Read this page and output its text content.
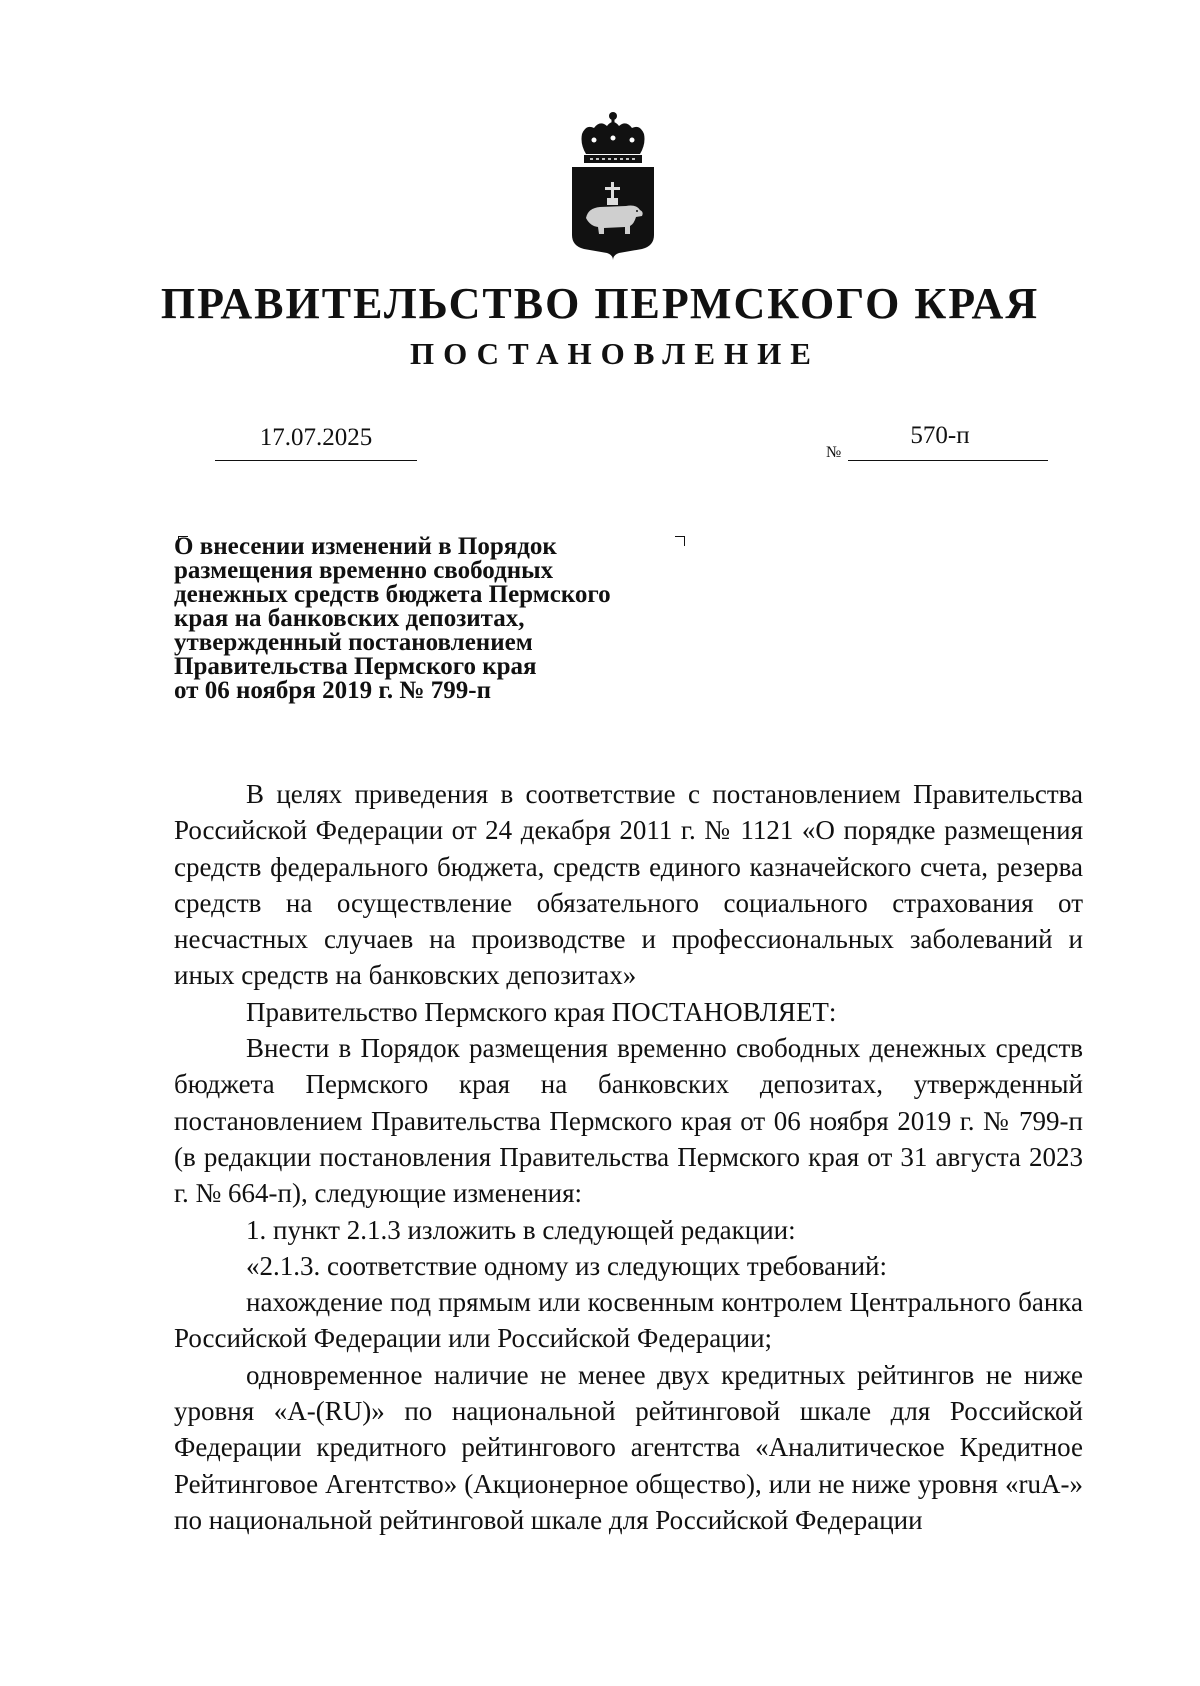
ПРАВИТЕЛЬСТВО ПЕРМСКОГО КРАЯ
ПОСТАНОВЛЕНИЕ
17.07.2025
№
570-п
О внесении изменений в Порядок
размещения временно свободных
денежных средств бюджета Пермского
края на банковских депозитах,
утвержденный постановлением
Правительства Пермского края
от 06 ноября 2019 г. № 799-п

В целях приведения в соответствие с постановлением Правительства Российской Федерации от 24 декабря 2011 г. № 1121 «О порядке размещения средств федерального бюджета, средств единого казначейского счета, резерва средств на осуществление обязательного социального страхования от несчастных случаев на производстве и профессиональных заболеваний и иных средств на банковских депозитах»

Правительство Пермского края ПОСТАНОВЛЯЕТ:

Внести в Порядок размещения временно свободных денежных средств бюджета Пермского края на банковских депозитах, утвержденный постановлением Правительства Пермского края от 06 ноября 2019 г. № 799-п (в редакции постановления Правительства Пермского края от 31 августа 2023 г. № 664-п), следующие изменения:

1. пункт 2.1.3 изложить в следующей редакции:

«2.1.3. соответствие одному из следующих требований:

нахождение под прямым или косвенным контролем Центрального банка Российской Федерации или Российской Федерации;

одновременное наличие не менее двух кредитных рейтингов не ниже уровня «A-(RU)» по национальной рейтинговой шкале для Российской Федерации кредитного рейтингового агентства «Аналитическое Кредитное Рейтинговое Агентство» (Акционерное общество), или не ниже уровня «ruA-» по национальной рейтинговой шкале для Российской Федерации
